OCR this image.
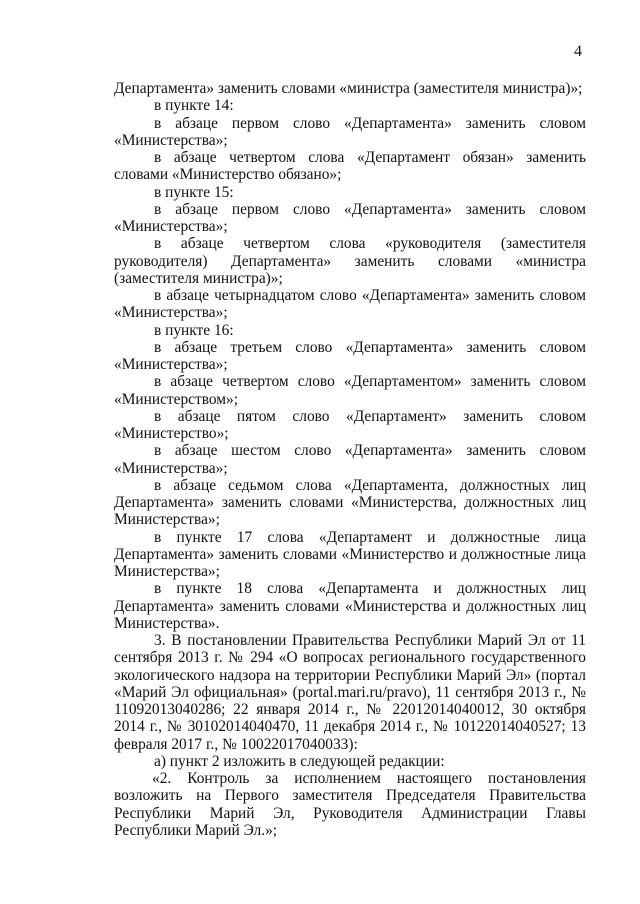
4

Департамента» заменить словами «министра (заместителя министра)»;

в пункте 14:

в абзаце первом слово «Департамента» заменить словом «Министерства»;

в абзаце четвертом слова «Департамент обязан» заменить словами «Министерство обязано»;

в пункте 15:

в абзаце первом слово «Департамента» заменить словом «Министерства»;

в абзаце четвертом слова «руководителя (заместителя руководителя) Департамента» заменить словами «министра (заместителя министра)»;

в абзаце четырнадцатом слово «Департамента» заменить словом «Министерства»;

в пункте 16:

в абзаце третьем слово «Департамента» заменить словом «Министерства»;

в абзаце четвертом слово «Департаментом» заменить словом «Министерством»;

в абзаце пятом слово «Департамент» заменить словом «Министерство»;

в абзаце шестом слово «Департамента» заменить словом «Министерства»;

в абзаце седьмом слова «Департамента, должностных лиц Департамента» заменить словами «Министерства, должностных лиц Министерства»;

в пункте 17 слова «Департамент и должностные лица Департамента» заменить словами «Министерство и должностные лица Министерства»;

в пункте 18 слова «Департамента и должностных лиц Департамента» заменить словами «Министерства и должностных лиц Министерства».

3. В постановлении Правительства Республики Марий Эл от 11 сентября 2013 г. № 294 «О вопросах регионального государственного экологического надзора на территории Республики Марий Эл» (портал «Марий Эл официальная» (portal.mari.ru/pravo), 11 сентября 2013 г., № 11092013040286; 22 января 2014 г., № 22012014040012, 30 октября 2014 г., № 30102014040470, 11 декабря 2014 г., № 10122014040527; 13 февраля 2017 г., № 10022017040033):

а) пункт 2 изложить в следующей редакции:

«2. Контроль за исполнением настоящего постановления возложить на Первого заместителя Председателя Правительства Республики Марий Эл, Руководителя Администрации Главы Республики Марий Эл.»;
